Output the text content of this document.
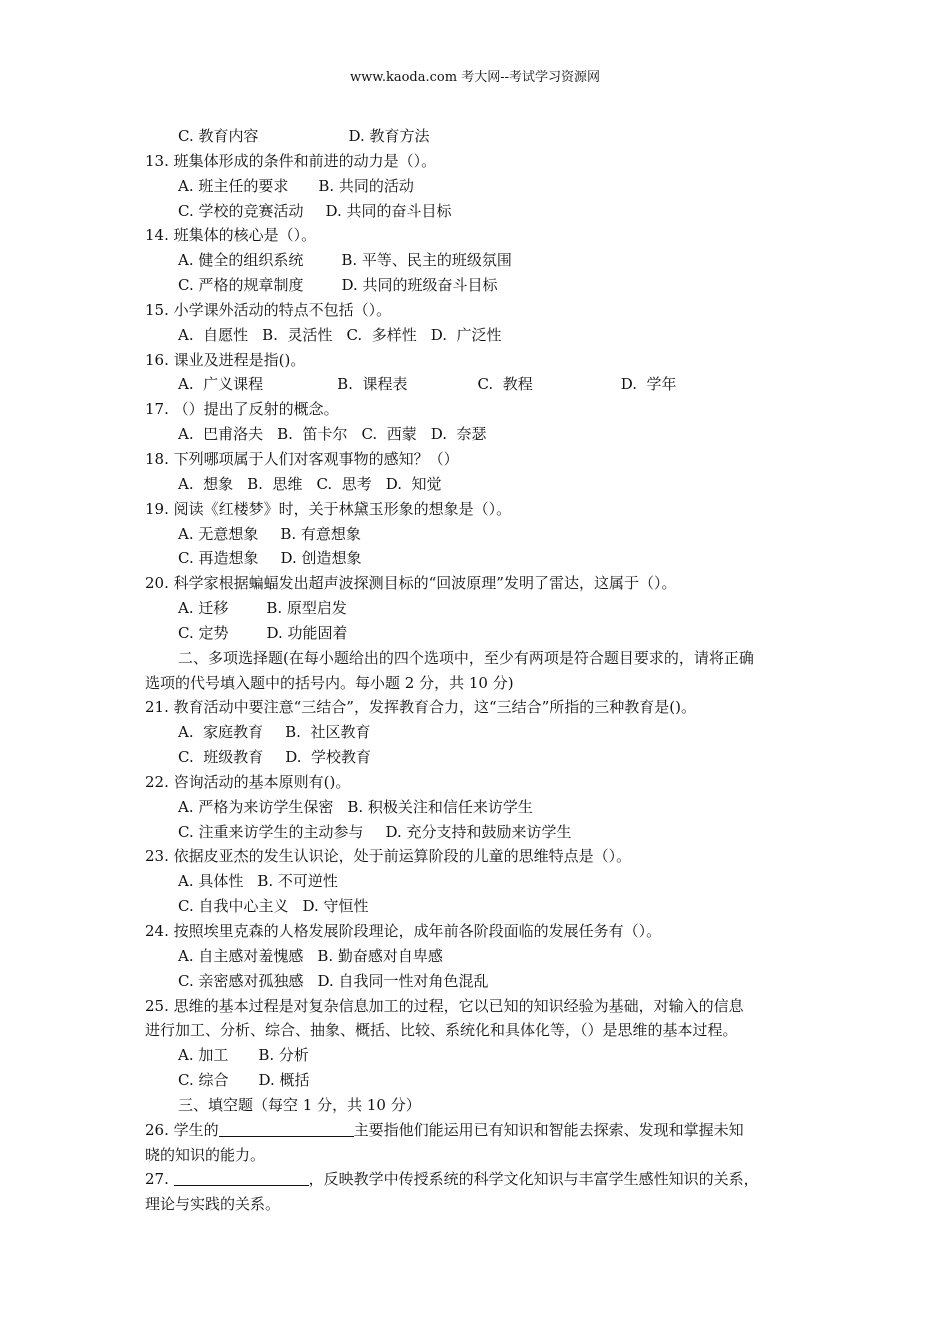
www.kaoda.com 考大网--考试学习资源网
C. 教育内容	D. 教育方法
13. 班集体形成的条件和前进的动力是（）。
A. 班主任的要求 B. 共同的活动
C. 学校的竞赛活动 D. 共同的奋斗目标
14. 班集体的核心是（）。
A. 健全的组织系统	B. 平等、民主的班级氛围
C. 严格的规章制度	D. 共同的班级奋斗目标
15. 小学课外活动的特点不包括（）。
A.  自愿性 B.  灵活性 C.  多样性 D.  广泛性
16. 课业及进程是指()。
A.  广义课程	B.  课程表	C.  教程	D.  学年
17. （）提出了反射的概念。
A.  巴甫洛夫 B.  笛卡尔 C.  西蒙 D.  奈瑟
18. 下列哪项属于人们对客观事物的感知？（）
A.  想象 B.  思维 C.  思考 D.  知觉
19. 阅读《红楼梦》时，关于林黛玉形象的想象是（）。
A. 无意想象 B. 有意想象
C. 再造想象 D. 创造想象
20. 科学家根据蝙蝠发出超声波探测目标的“回波原理”发明了雷达，这属于（）。
A. 迁移	B. 原型启发
C. 定势	D. 功能固着
二、多项选择题(在每小题给出的四个选项中，至少有两项是符合题目要求的，请将正确
选项的代号填入题中的括号内。每小题 2 分，共 10 分)
21. 教育活动中要注意“三结合”，发挥教育合力，这“三结合”所指的三种教育是()。
A.  家庭教育 B.  社区教育
C.  班级教育 D.  学校教育
22. 咨询活动的基本原则有()。
A. 严格为来访学生保密 B. 积极关注和信任来访学生
C. 注重来访学生的主动参与 D. 充分支持和鼓励来访学生
23. 依据皮亚杰的发生认识论，处于前运算阶段的儿童的思维特点是（）。
A. 具体性 B. 不可逆性
C. 自我中心主义 D. 守恒性
24. 按照埃里克森的人格发展阶段理论，成年前各阶段面临的发展任务有（）。
A. 自主感对羞愧感 B. 勤奋感对自卑感
C. 亲密感对孤独感 D. 自我同一性对角色混乱
25. 思维的基本过程是对复杂信息加工的过程，它以已知的知识经验为基础，对输入的信息
进行加工、分析、综合、抽象、概括、比较、系统化和具体化等，（）是思维的基本过程。
A. 加工 B. 分析
C. 综合 D. 概括
三、填空题（每空 1 分，共 10 分）
26. 学生的	主要指他们能运用已有知识和智能去探索、发现和掌握未知
晓的知识的能力。
27.	，反映教学中传授系统的科学文化知识与丰富学生感性知识的关系，
理论与实践的关系。
